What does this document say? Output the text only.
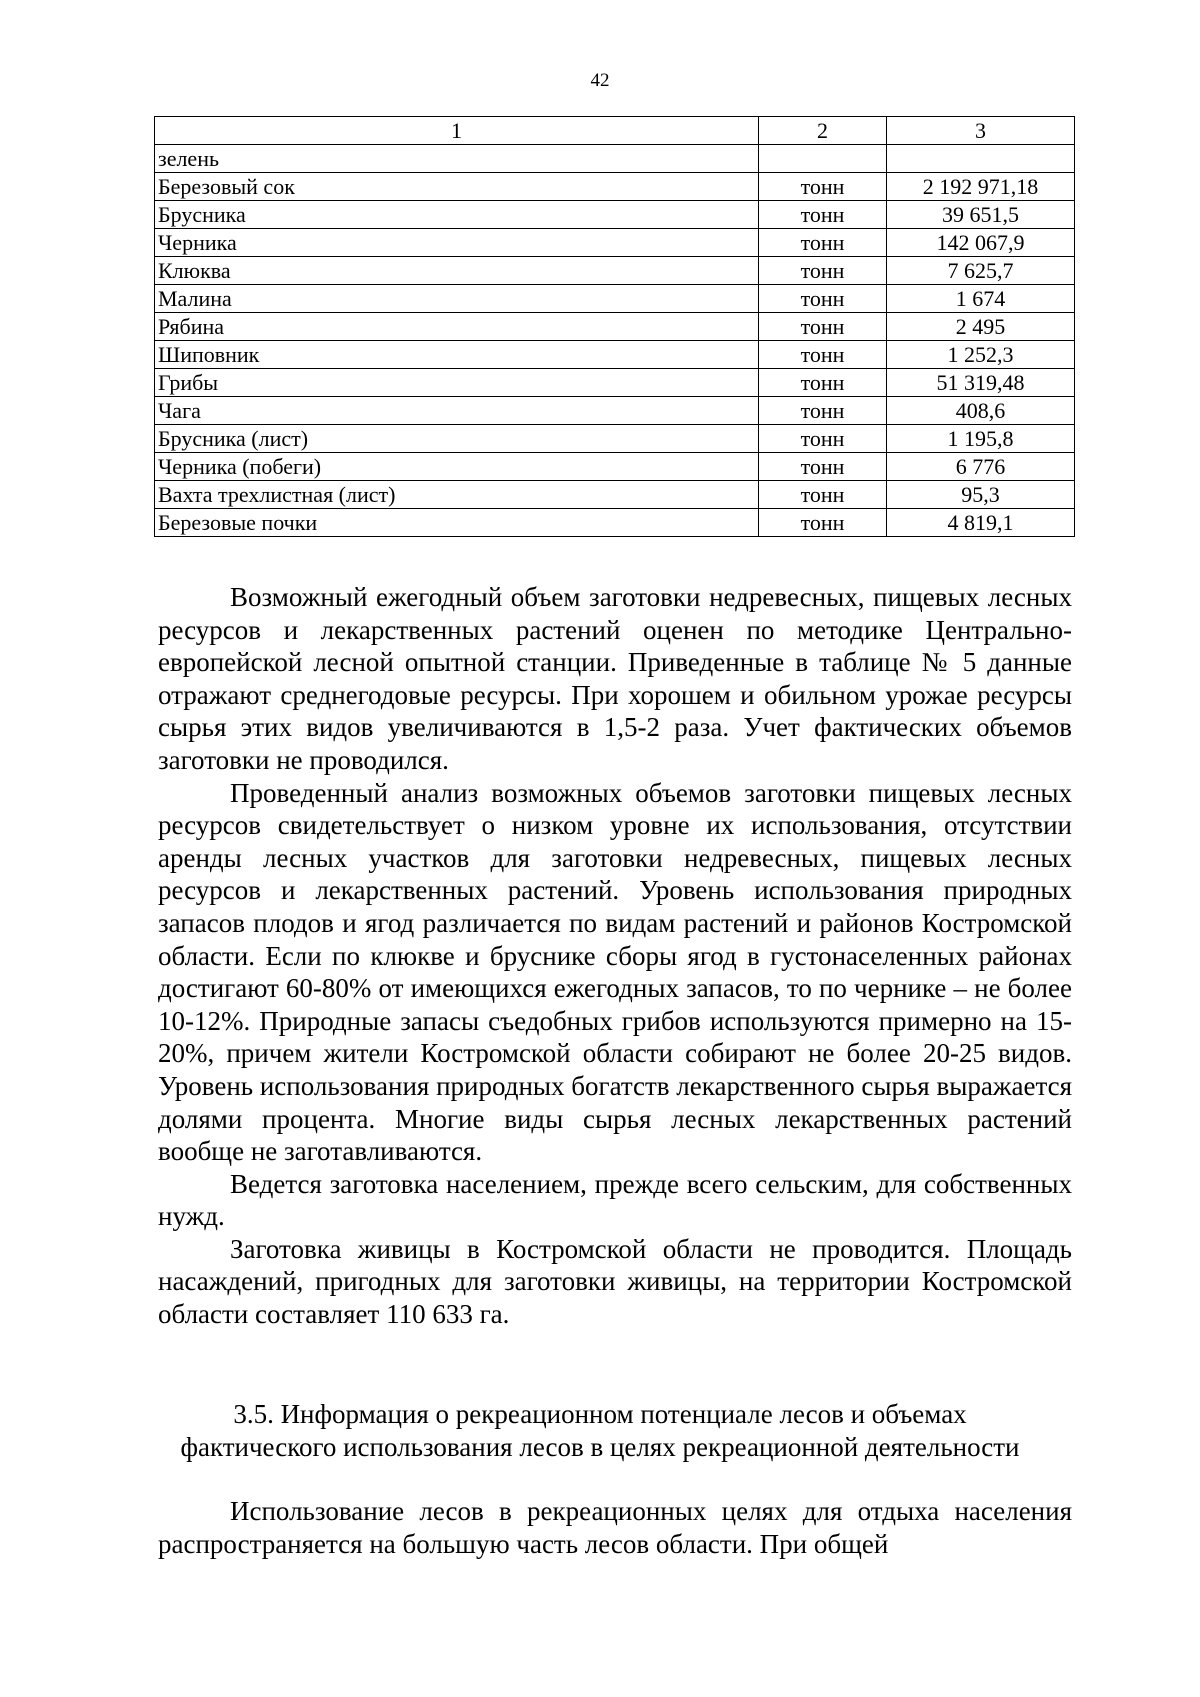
42
1	2	3
зелень		
Березовый сок	тонн	2 192 971,18
Брусника	тонн	39 651,5
Черника	тонн	142 067,9
Клюква	тонн	7 625,7
Малина	тонн	1 674
Рябина	тонн	2 495
Шиповник	тонн	1 252,3
Грибы	тонн	51 319,48
Чага	тонн	408,6
Брусника (лист)	тонн	1 195,8
Черника (побеги)	тонн	6 776
Вахта трехлистная (лист)	тонн	95,3
Березовые почки	тонн	4 819,1

Возможный ежегодный объем заготовки недревесных, пищевых лесных ресурсов и лекарственных растений оценен по методике Центрально-европейской лесной опытной станции. Приведенные в таблице № 5 данные отражают среднегодовые ресурсы. При хорошем и обильном урожае ресурсы сырья этих видов увеличиваются в 1,5-2 раза. Учет фактических объемов заготовки не проводился.

Проведенный анализ возможных объемов заготовки пищевых лесных ресурсов свидетельствует о низком уровне их использования, отсутствии аренды лесных участков для заготовки недревесных, пищевых лесных ресурсов и лекарственных растений. Уровень использования природных запасов плодов и ягод различается по видам растений и районов Костромской области. Если по клюкве и бруснике сборы ягод в густонаселенных районах достигают 60-80% от имеющихся ежегодных запасов, то по чернике – не более 10-12%. Природные запасы съедобных грибов используются примерно на 15-20%, причем жители Костромской области собирают не более 20-25 видов. Уровень использования природных богатств лекарственного сырья выражается долями процента. Многие виды сырья лесных лекарственных растений вообще не заготавливаются.

Ведется заготовка населением, прежде всего сельским, для собственных нужд.

Заготовка живицы в Костромской области не проводится. Площадь насаждений, пригодных для заготовки живицы, на территории Костромской области составляет 110 633 га.

3.5. Информация о рекреационном потенциале лесов и объемах
фактического использования лесов в целях рекреационной деятельности

Использование лесов в рекреационных целях для отдыха населения распространяется на большую часть лесов области. При общей
